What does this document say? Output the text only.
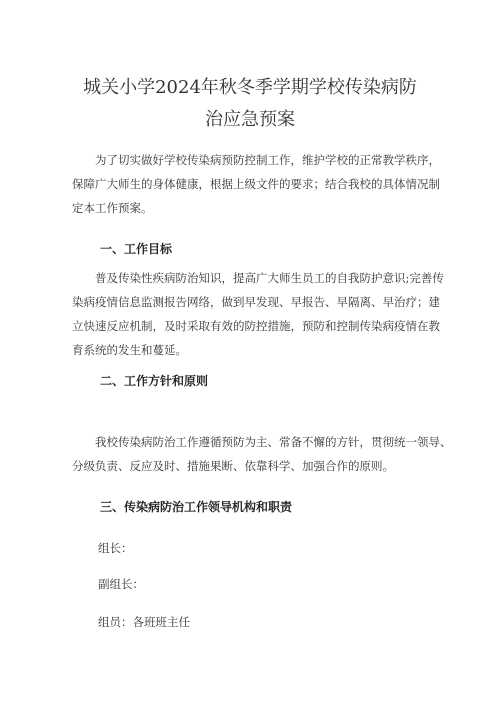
城关小学2024年秋冬季学期学校传染病防
治应急预案

为了切实做好学校传染病预防控制工作，维护学校的正常教学秩序，
保障广大师生的身体健康，根据上级文件的要求；结合我校的具体情况制
定本工作预案。

一、工作目标

普及传染性疾病防治知识，提高广大师生员工的自我防护意识;完善传
染病疫情信息监测报告网络，做到早发现、早报告、早隔离、早治疗；建
立快速反应机制，及时采取有效的防控措施，预防和控制传染病疫情在教
育系统的发生和蔓延。

二、工作方针和原则

我校传染病防治工作遵循预防为主、常备不懈的方针，贯彻统一领导、
分级负责、反应及时、措施果断、依靠科学、加强合作的原则。

三、传染病防治工作领导机构和职责

组长：

副组长：

组员：各班班主任
